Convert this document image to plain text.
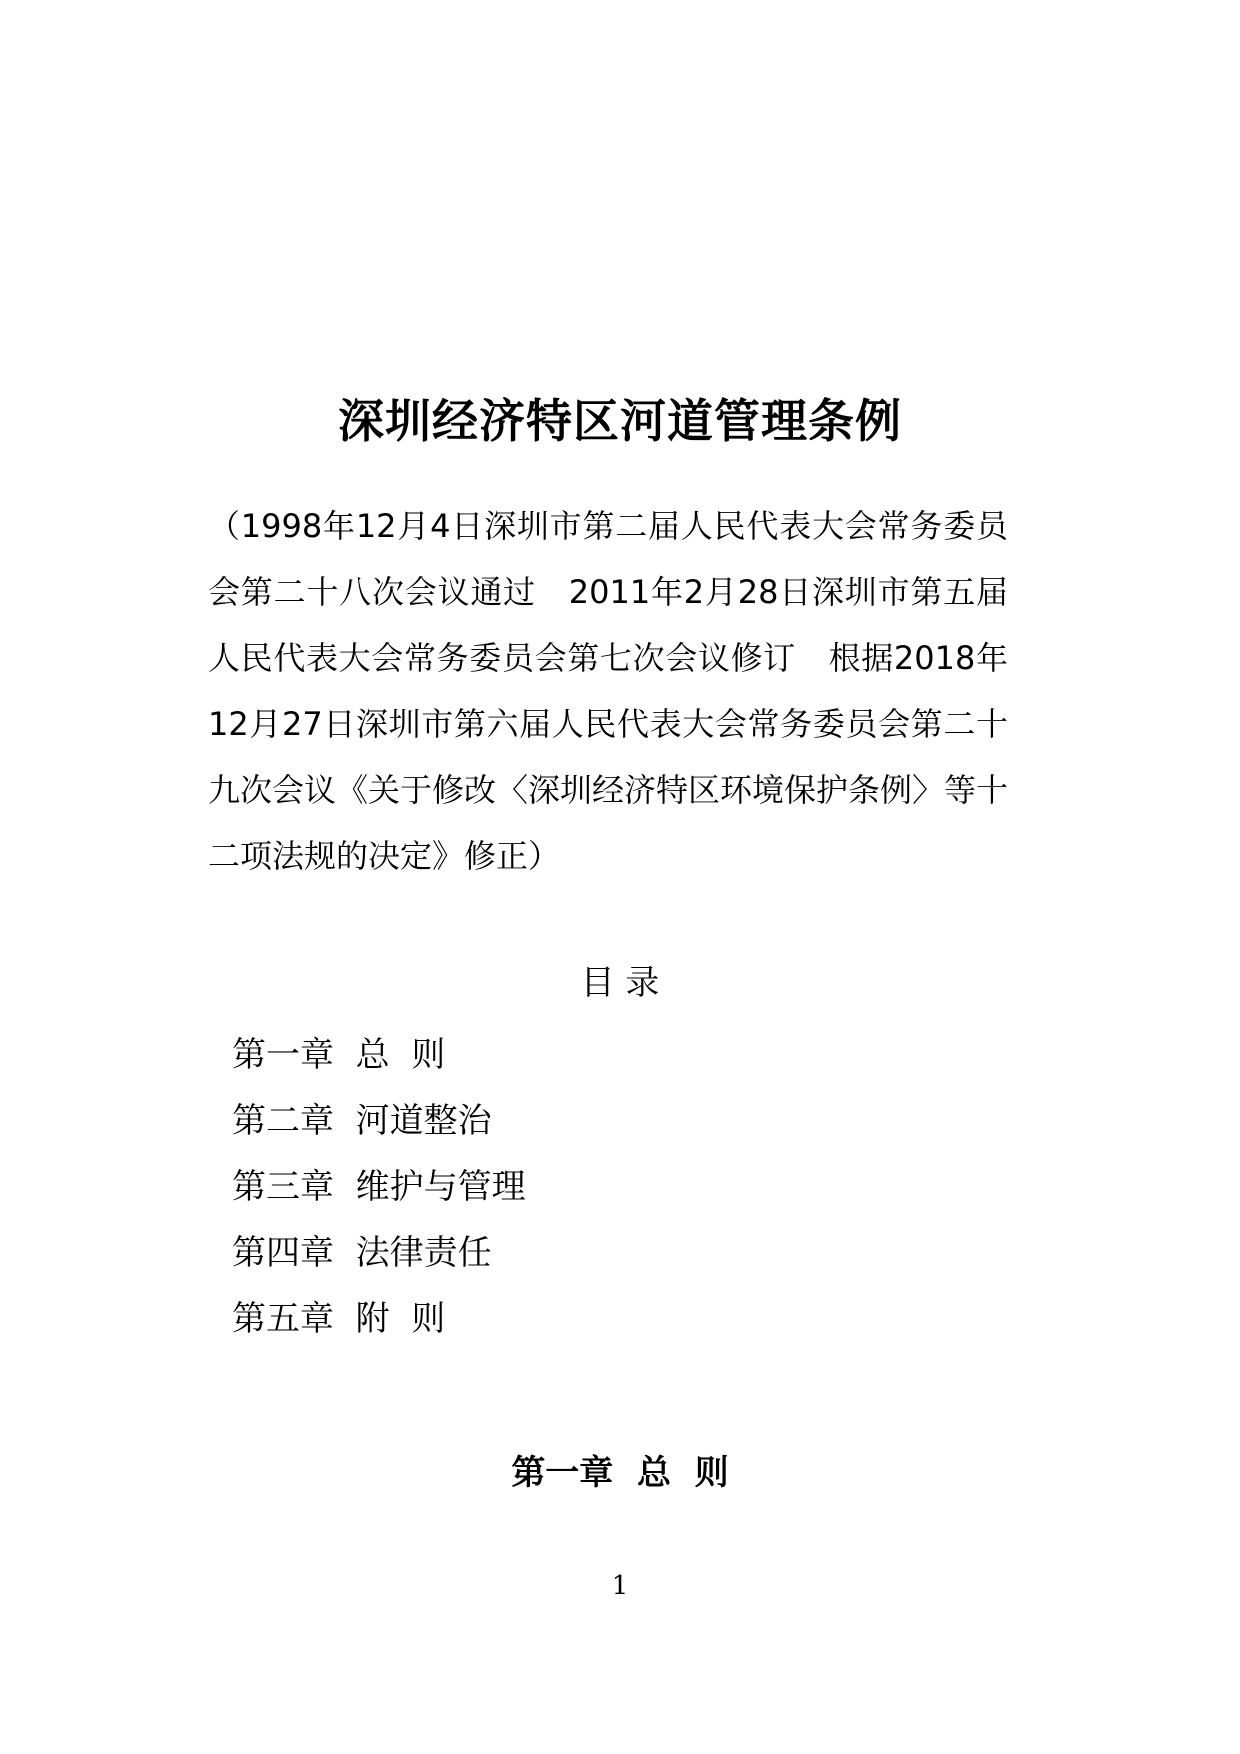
深圳经济特区河道管理条例

（1998年12月4日深圳市第二届人民代表大会常务委员会第二十八次会议通过　2011年2月28日深圳市第五届人民代表大会常务委员会第七次会议修订　根据2018年12月27日深圳市第六届人民代表大会常务委员会第二十九次会议《关于修改〈深圳经济特区环境保护条例〉等十二项法规的决定》修正）

目 录
第一章  总  则
第二章  河道整治
第三章  维护与管理
第四章  法律责任
第五章  附  则
第一章  总  则
1
